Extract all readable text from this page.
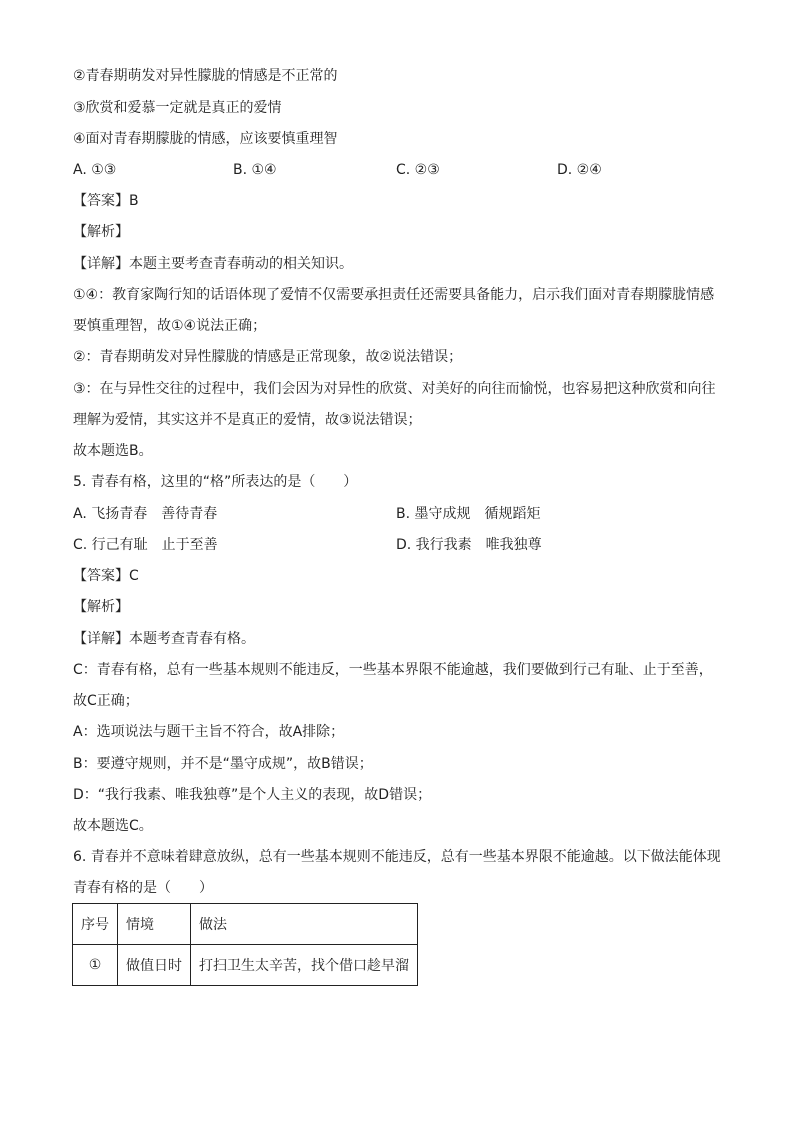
②青春期萌发对异性朦胧的情感是不正常的
③欣赏和爱慕一定就是真正的爱情
④面对青春期朦胧的情感，应该要慎重理智
A. ①③	B. ①④	C. ②③	D. ②④
【答案】B
【解析】
【详解】本题主要考查青春萌动的相关知识。
①④：教育家陶行知的话语体现了爱情不仅需要承担责任还需要具备能力，启示我们面对青春期朦胧情感
要慎重理智，故①④说法正确；
②：青春期萌发对异性朦胧的情感是正常现象，故②说法错误；
③：在与异性交往的过程中，我们会因为对异性的欣赏、对美好的向往而愉悦，也容易把这种欣赏和向往
理解为爱情，其实这并不是真正的爱情，故③说法错误；
故本题选B。
5. 青春有格，这里的“格”所表达的是（　　）
A. 飞扬青春　善待青春	B. 墨守成规　循规蹈矩
C. 行己有耻　止于至善	D. 我行我素　唯我独尊
【答案】C
【解析】
【详解】本题考查青春有格。
C：青春有格，总有一些基本规则不能违反，一些基本界限不能逾越，我们要做到行己有耻、止于至善，
故C正确；
A：选项说法与题干主旨不符合，故A排除；
B：要遵守规则，并不是“墨守成规”，故B错误；
D：“我行我素、唯我独尊”是个人主义的表现，故D错误；
故本题选C。
6. 青春并不意味着肆意放纵，总有一些基本规则不能违反，总有一些基本界限不能逾越。以下做法能体现
青春有格的是（　　）
序号	情境	做法
①	做值日时	打扫卫生太辛苦，找个借口趁早溜
